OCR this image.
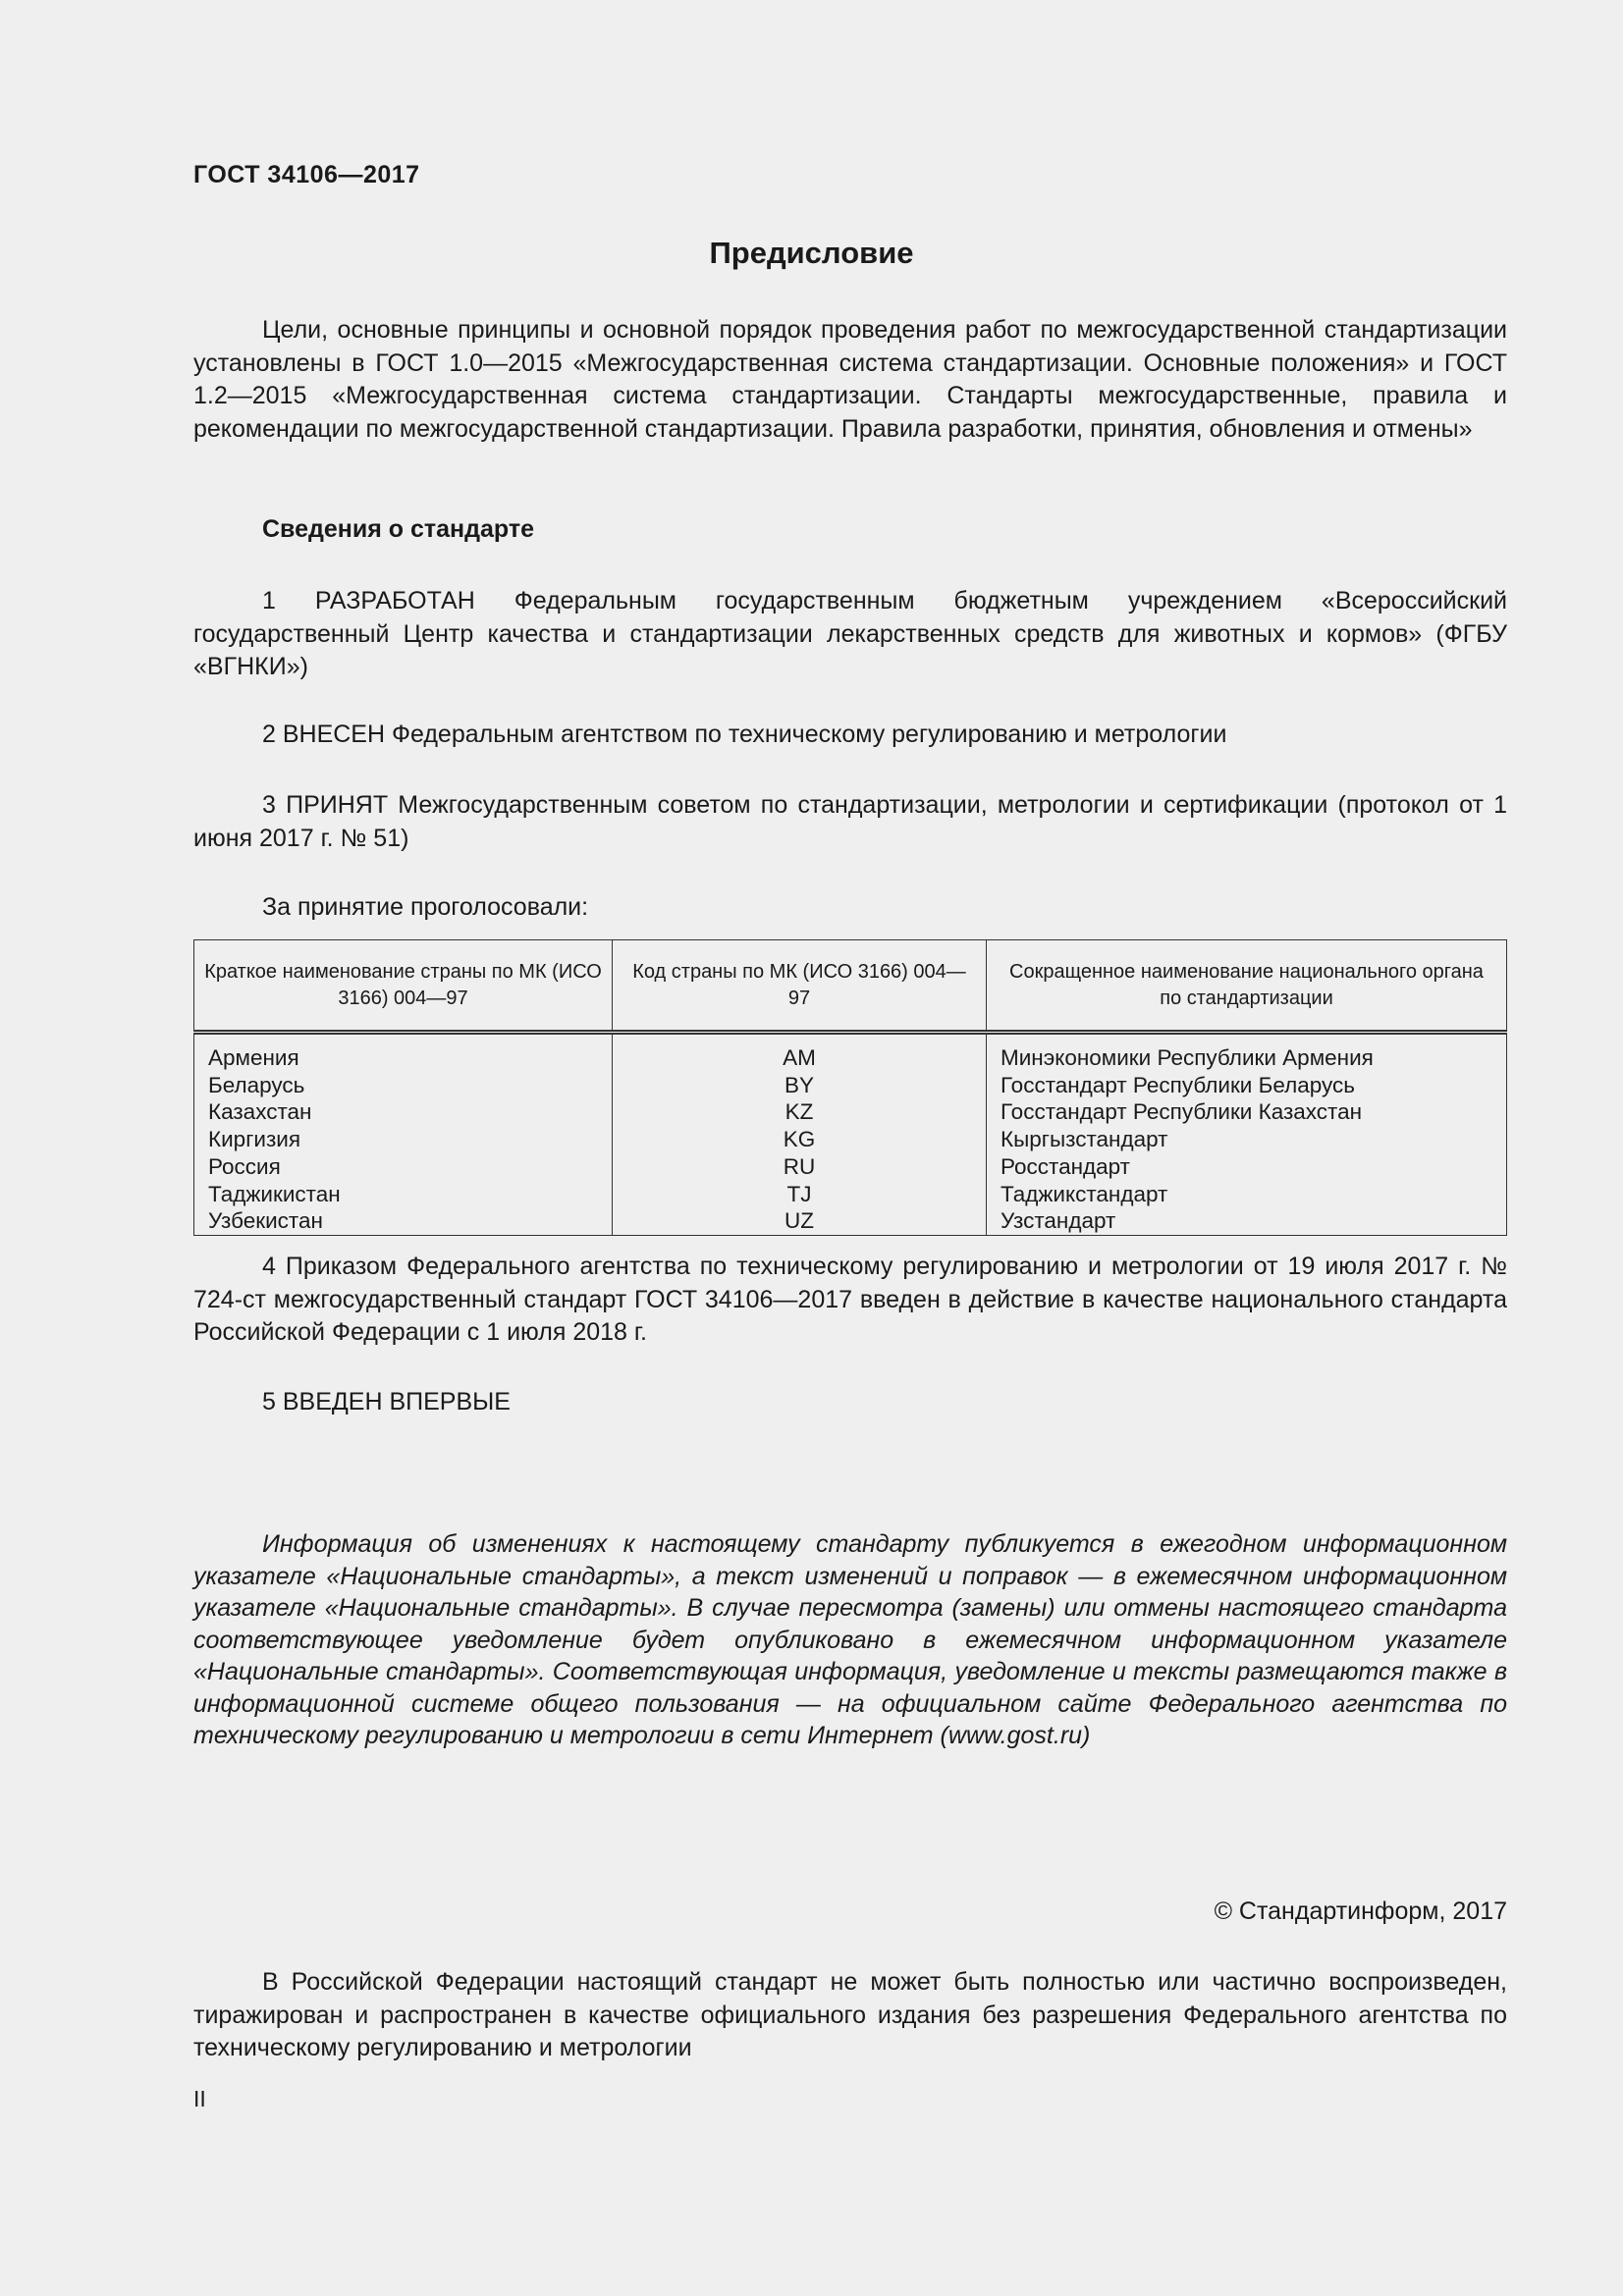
ГОСТ 34106—2017
Предисловие
Цели, основные принципы и основной порядок проведения работ по межгосударственной стандартизации установлены в ГОСТ 1.0—2015 «Межгосударственная система стандартизации. Основные положения» и ГОСТ 1.2—2015 «Межгосударственная система стандартизации. Стандарты межгосударственные, правила и рекомендации по межгосударственной стандартизации. Правила разработки, принятия, обновления и отмены»
Сведения о стандарте
1 РАЗРАБОТАН Федеральным государственным бюджетным учреждением «Всероссийский государственный Центр качества и стандартизации лекарственных средств для животных и кормов» (ФГБУ «ВГНКИ»)
2 ВНЕСЕН Федеральным агентством по техническому регулированию и метрологии
3 ПРИНЯТ Межгосударственным советом по стандартизации, метрологии и сертификации (протокол от 1 июня 2017 г. № 51)
За принятие проголосовали:
Краткое наименование страны по МК (ИСО 3166) 004—97	Код страны по МК (ИСО 3166) 004—97	Сокращенное наименование национального органа по стандартизации
Армения	AM	Минэкономики Республики Армения
Беларусь	BY	Госстандарт Республики Беларусь
Казахстан	KZ	Госстандарт Республики Казахстан
Киргизия	KG	Кыргызстандарт
Россия	RU	Росстандарт
Таджикистан	TJ	Таджикстандарт
Узбекистан	UZ	Узстандарт
4 Приказом Федерального агентства по техническому регулированию и метрологии от 19 июля 2017 г. № 724-ст межгосударственный стандарт ГОСТ 34106—2017 введен в действие в качестве национального стандарта Российской Федерации с 1 июля 2018 г.
5 ВВЕДЕН ВПЕРВЫЕ
Информация об изменениях к настоящему стандарту публикуется в ежегодном информационном указателе «Национальные стандарты», а текст изменений и поправок — в ежемесячном информационном указателе «Национальные стандарты». В случае пересмотра (замены) или отмены настоящего стандарта соответствующее уведомление будет опубликовано в ежемесячном информационном указателе «Национальные стандарты». Соответствующая информация, уведомление и тексты размещаются также в информационной системе общего пользования — на официальном сайте Федерального агентства по техническому регулированию и метрологии в сети Интернет (www.gost.ru)
© Стандартинформ, 2017
В Российской Федерации настоящий стандарт не может быть полностью или частично воспроизведен, тиражирован и распространен в качестве официального издания без разрешения Федерального агентства по техническому регулированию и метрологии
II
